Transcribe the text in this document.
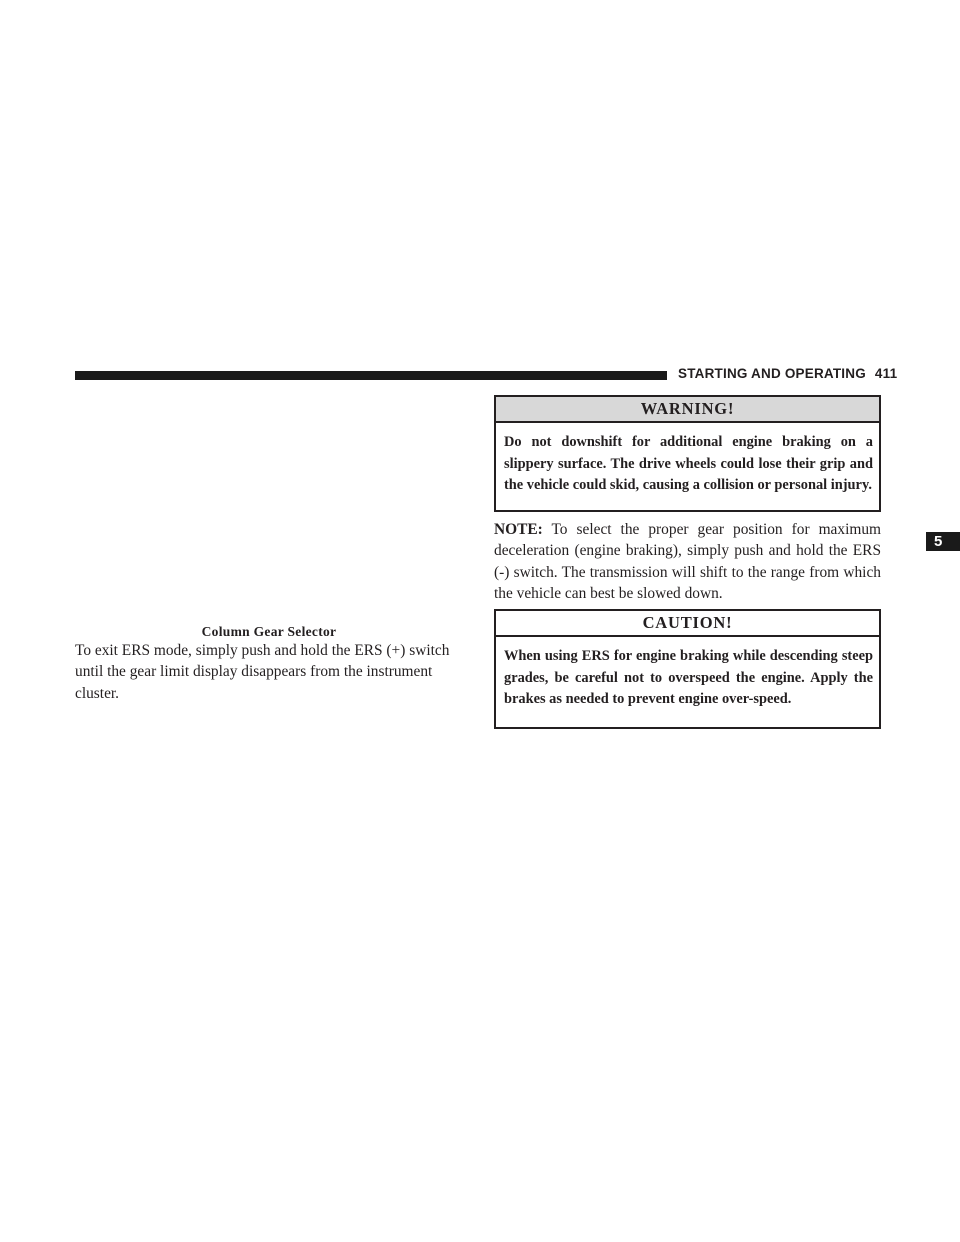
STARTING AND OPERATING 411
5
Column Gear Selector

To exit ERS mode, simply push and hold the ERS (+) switch until the gear limit display disappears from the instrument cluster.

WARNING!

Do not downshift for additional engine braking on a slippery surface. The drive wheels could lose their grip and the vehicle could skid, causing a collision or personal injury.

NOTE: To select the proper gear position for maximum deceleration (engine braking), simply push and hold the ERS (-) switch. The transmission will shift to the range from which the vehicle can best be slowed down.

CAUTION!

When using ERS for engine braking while descending steep grades, be careful not to overspeed the engine. Apply the brakes as needed to prevent engine over-speed.
